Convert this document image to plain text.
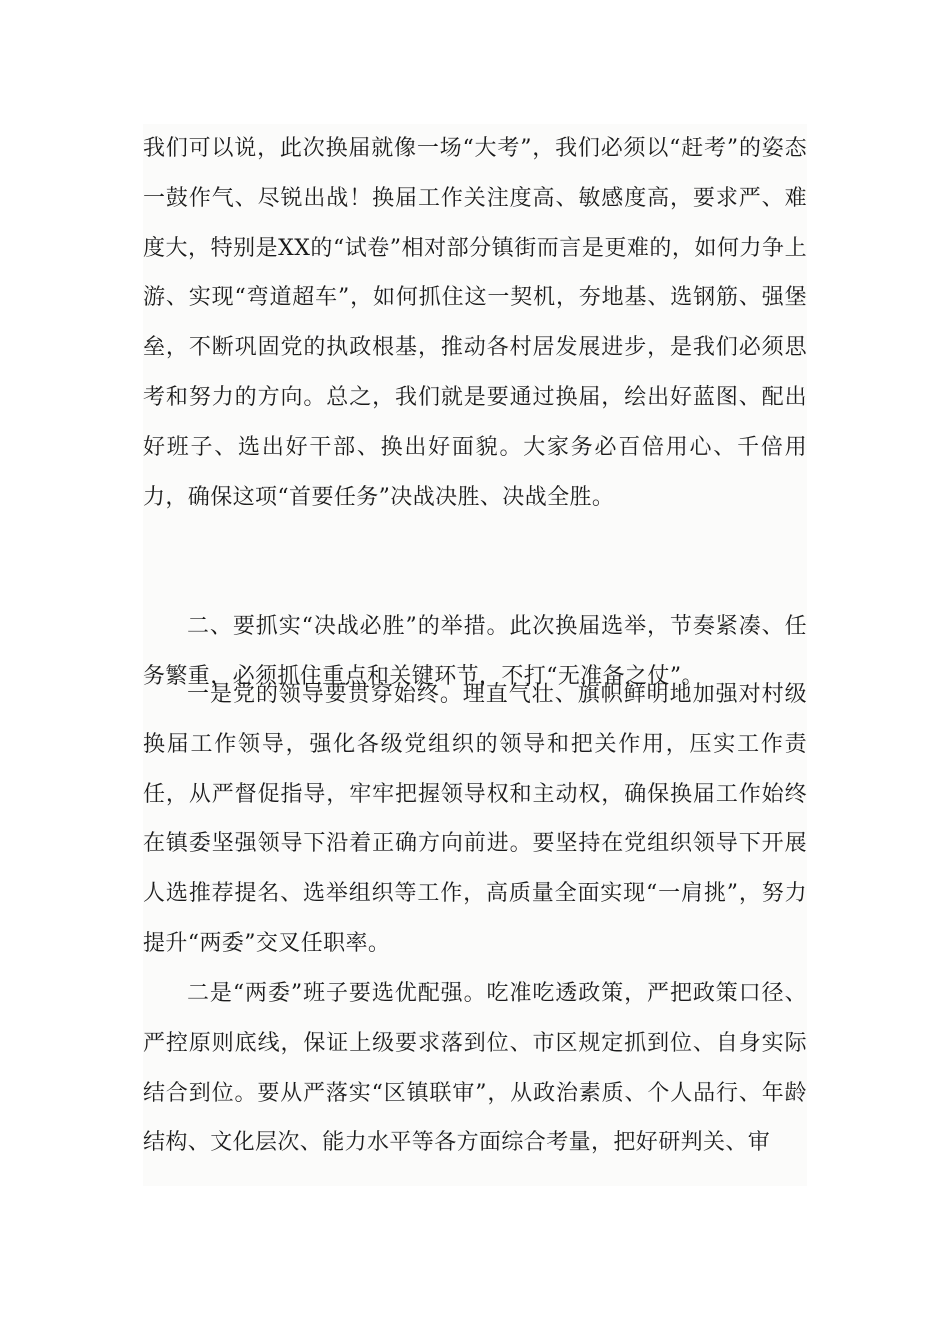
我们可以说，此次换届就像一场“大考”，我们必须以“赶考”的姿态一鼓作气、尽锐出战！换届工作关注度高、敏感度高，要求严、难度大，特别是XX的“试卷”相对部分镇街而言是更难的，如何力争上游、实现“弯道超车”，如何抓住这一契机，夯地基、选钢筋、强堡垒，不断巩固党的执政根基，推动各村居发展进步，是我们必须思考和努力的方向。总之，我们就是要通过换届，绘出好蓝图、配出好班子、选出好干部、换出好面貌。大家务必百倍用心、千倍用力，确保这项“首要任务”决战决胜、决战全胜。

二、要抓实“决战必胜”的举措。此次换届选举，节奏紧凑、任务繁重，必须抓住重点和关键环节，不打“无准备之仗”。

一是党的领导要贯穿始终。理直气壮、旗帜鲜明地加强对村级换届工作领导，强化各级党组织的领导和把关作用，压实工作责任，从严督促指导，牢牢把握领导权和主动权，确保换届工作始终在镇委坚强领导下沿着正确方向前进。要坚持在党组织领导下开展人选推荐提名、选举组织等工作，高质量全面实现“一肩挑”，努力提升“两委”交叉任职率。

二是“两委”班子要选优配强。吃准吃透政策，严把政策口径、严控原则底线，保证上级要求落到位、市区规定抓到位、自身实际结合到位。要从严落实“区镇联审”，从政治素质、个人品行、年龄结构、文化层次、能力水平等各方面综合考量，把好研判关、审
